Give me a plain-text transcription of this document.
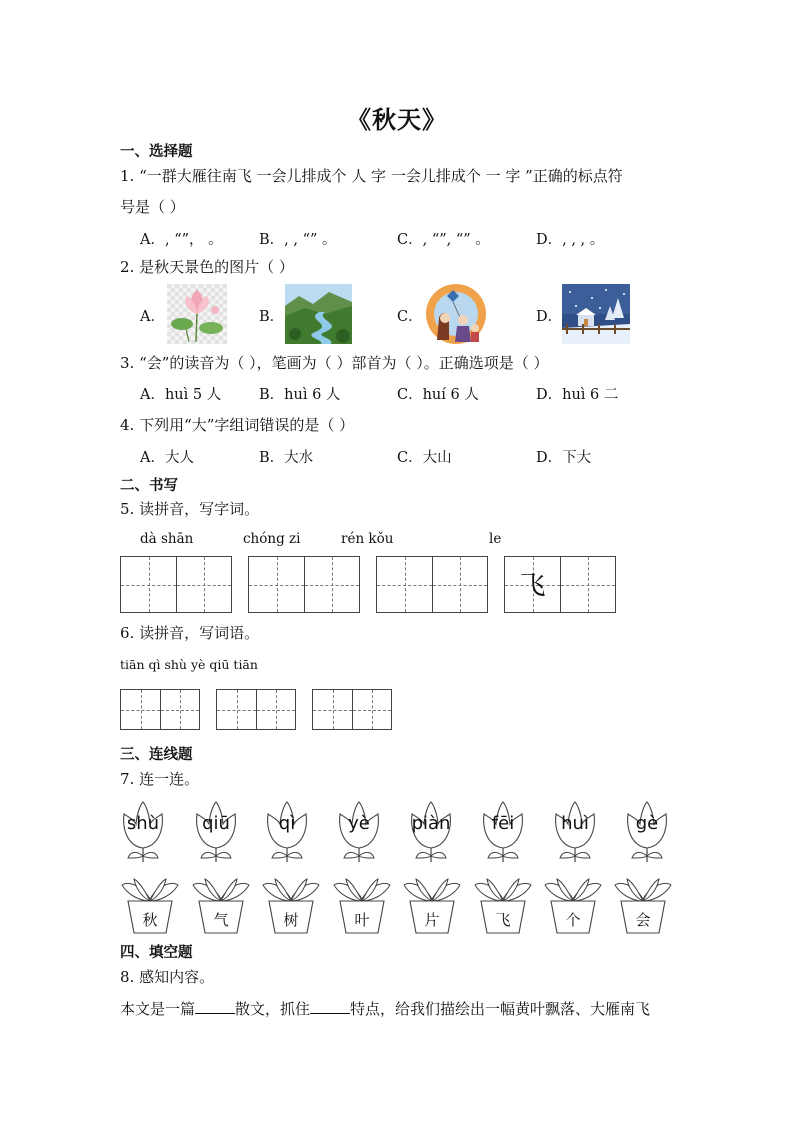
《秋天》
一、选择题
1. “一群大雁往南飞 一会儿排成个 人 字 一会儿排成个 一 字 ”正确的标点符
号是（ ）
A．, “”， 。	B．, , “” 。	C．, “”, “” 。	D．, , , 。
2. 是秋天景色的图片（ ）
A．	B．	C．	D．
3. “会”的读音为（ ），笔画为（ ）部首为（ ）。正确选项是（ ）
A．huì 5 人	B．huì 6 人	C．huí 6 人	D．huì 6 二
4. 下列用“大”字组词错误的是（ ）
A．大人	B．大水	C．大山	D．下大
二、书写
5. 读拼音，写字词。
dà shān	chóng zi	rén kǒu	le
飞
6. 读拼音，写词语。
tiān qì shù yè qiū tiān
三、连线题
7. 连一连。
shù	qiū	qì	yè	piàn	fēi	huì	gè
秋	气	树	叶	片	飞	个	会
四、填空题
8. 感知内容。
本文是一篇	散文，抓住	特点，给我们描绘出一幅黄叶飘落、大雁南飞
